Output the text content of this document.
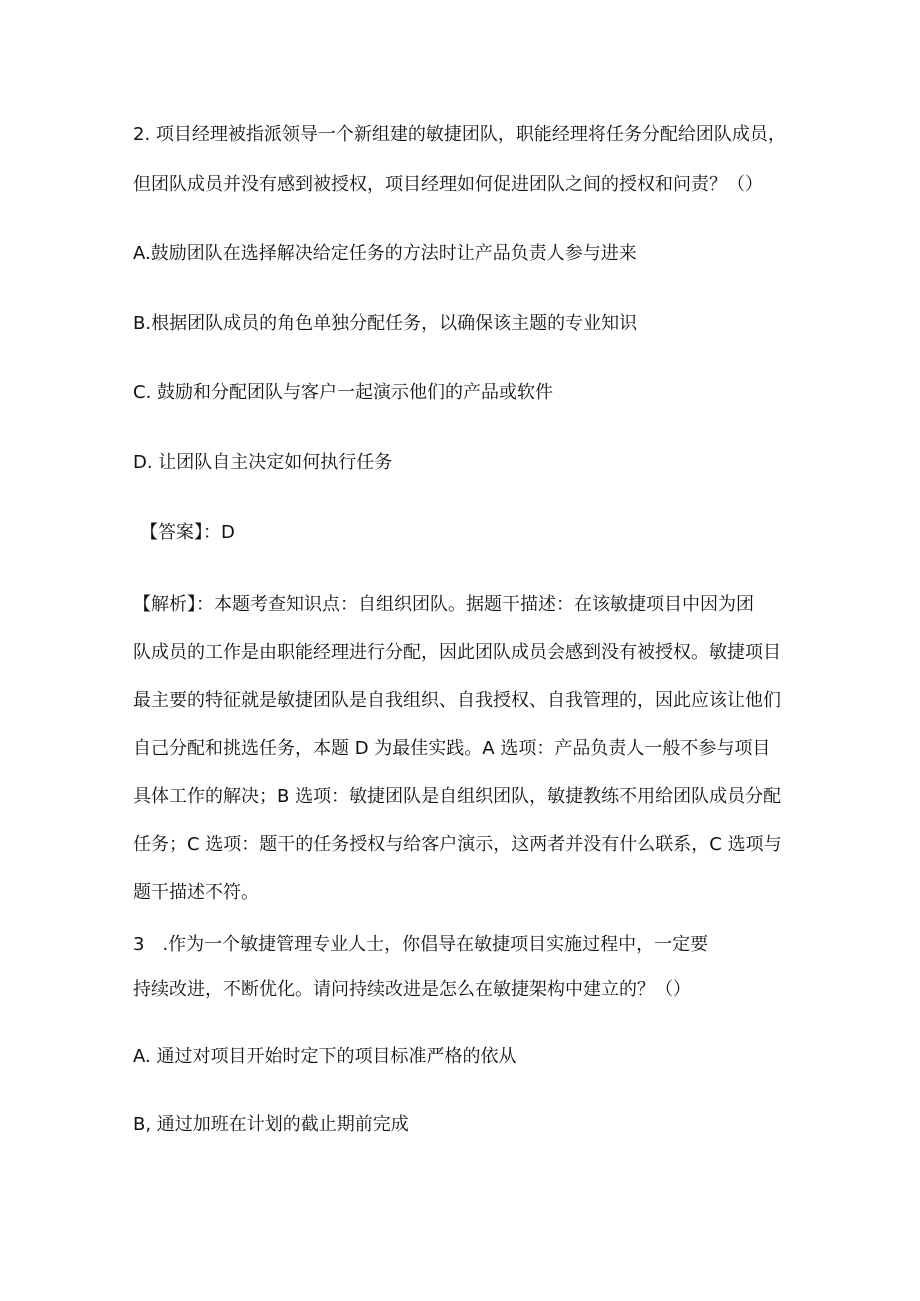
2. 项目经理被指派领导一个新组建的敏捷团队，职能经理将任务分配给团队成员，
但团队成员并没有感到被授权，项目经理如何促进团队之间的授权和问责？（）
A.鼓励团队在选择解决给定任务的方法时让产品负责人参与进来
B.根据团队成员的角色单独分配任务，以确保该主题的专业知识
C. 鼓励和分配团队与客户一起演示他们的产品或软件
D. 让团队自主决定如何执行任务
【答案】：D
【解析】：本题考查知识点：自组织团队。据题干描述：在该敏捷项目中因为团
队成员的工作是由职能经理进行分配，因此团队成员会感到没有被授权。敏捷项目
最主要的特征就是敏捷团队是自我组织、自我授权、自我管理的，因此应该让他们
自己分配和挑选任务，本题 D 为最佳实践。A 选项：产品负责人一般不参与项目
具体工作的解决；B 选项：敏捷团队是自组织团队，敏捷教练不用给团队成员分配
任务；C 选项：题干的任务授权与给客户演示，这两者并没有什么联系，C 选项与
题干描述不符。
3　.作为一个敏捷管理专业人士，你倡导在敏捷项目实施过程中，一定要
持续改进，不断优化。请问持续改进是怎么在敏捷架构中建立的？（）
A. 通过对项目开始时定下的项目标准严格的依从
B, 通过加班在计划的截止期前完成
